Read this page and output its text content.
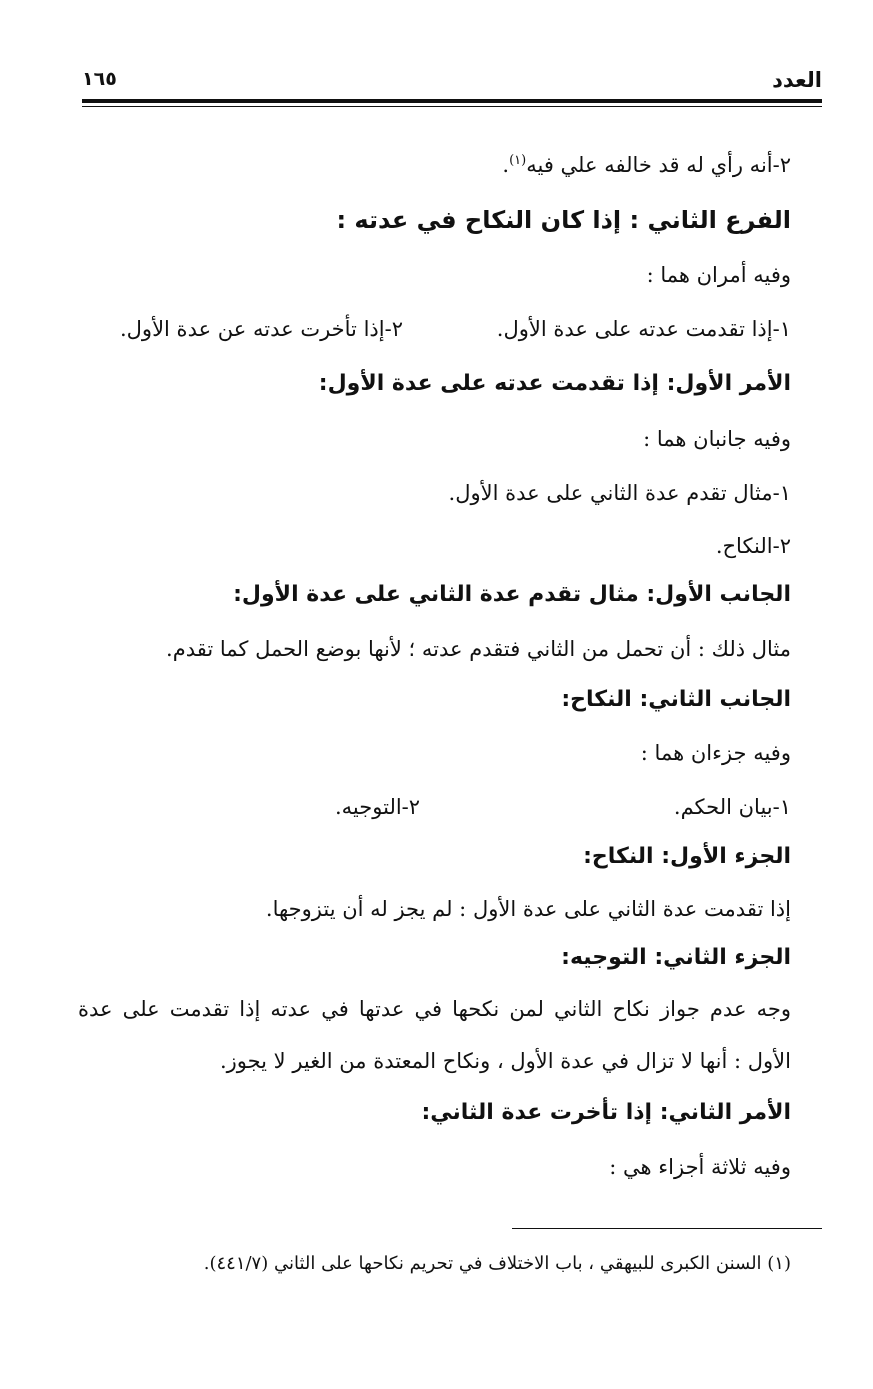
العدد
١٦٥
٢-أنه رأي له قد خالفه علي فيه$^{(١)}$.
الفرع الثاني : إذا كان النكاح في عدته :
وفيه أمران هما :
١-إذا تقدمت عدته على عدة الأول.
٢-إذا تأخرت عدته عن عدة الأول.
الأمر الأول: إذا تقدمت عدته على عدة الأول:
وفيه جانبان هما :
١-مثال تقدم عدة الثاني على عدة الأول.
٢-النكاح.
الجانب الأول: مثال تقدم عدة الثاني على عدة الأول:
مثال ذلك : أن تحمل من الثاني فتقدم عدته ؛ لأنها بوضع الحمل كما تقدم.
الجانب الثاني: النكاح:
وفيه جزءان هما :
١-بيان الحكم.
٢-التوجيه.
الجزء الأول: النكاح:
إذا تقدمت عدة الثاني على عدة الأول : لم يجز له أن يتزوجها.
الجزء الثاني: التوجيه:
وجه عدم جواز نكاح الثاني لمن نكحها في عدتها في عدته إذا تقدمت على عدة
الأول : أنها لا تزال في عدة الأول ، ونكاح المعتدة من الغير لا يجوز.
الأمر الثاني: إذا تأخرت عدة الثاني:
وفيه ثلاثة أجزاء هي :
(١) السنن الكبرى للبيهقي ، باب الاختلاف في تحريم نكاحها على الثاني (٤٤١/٧).
